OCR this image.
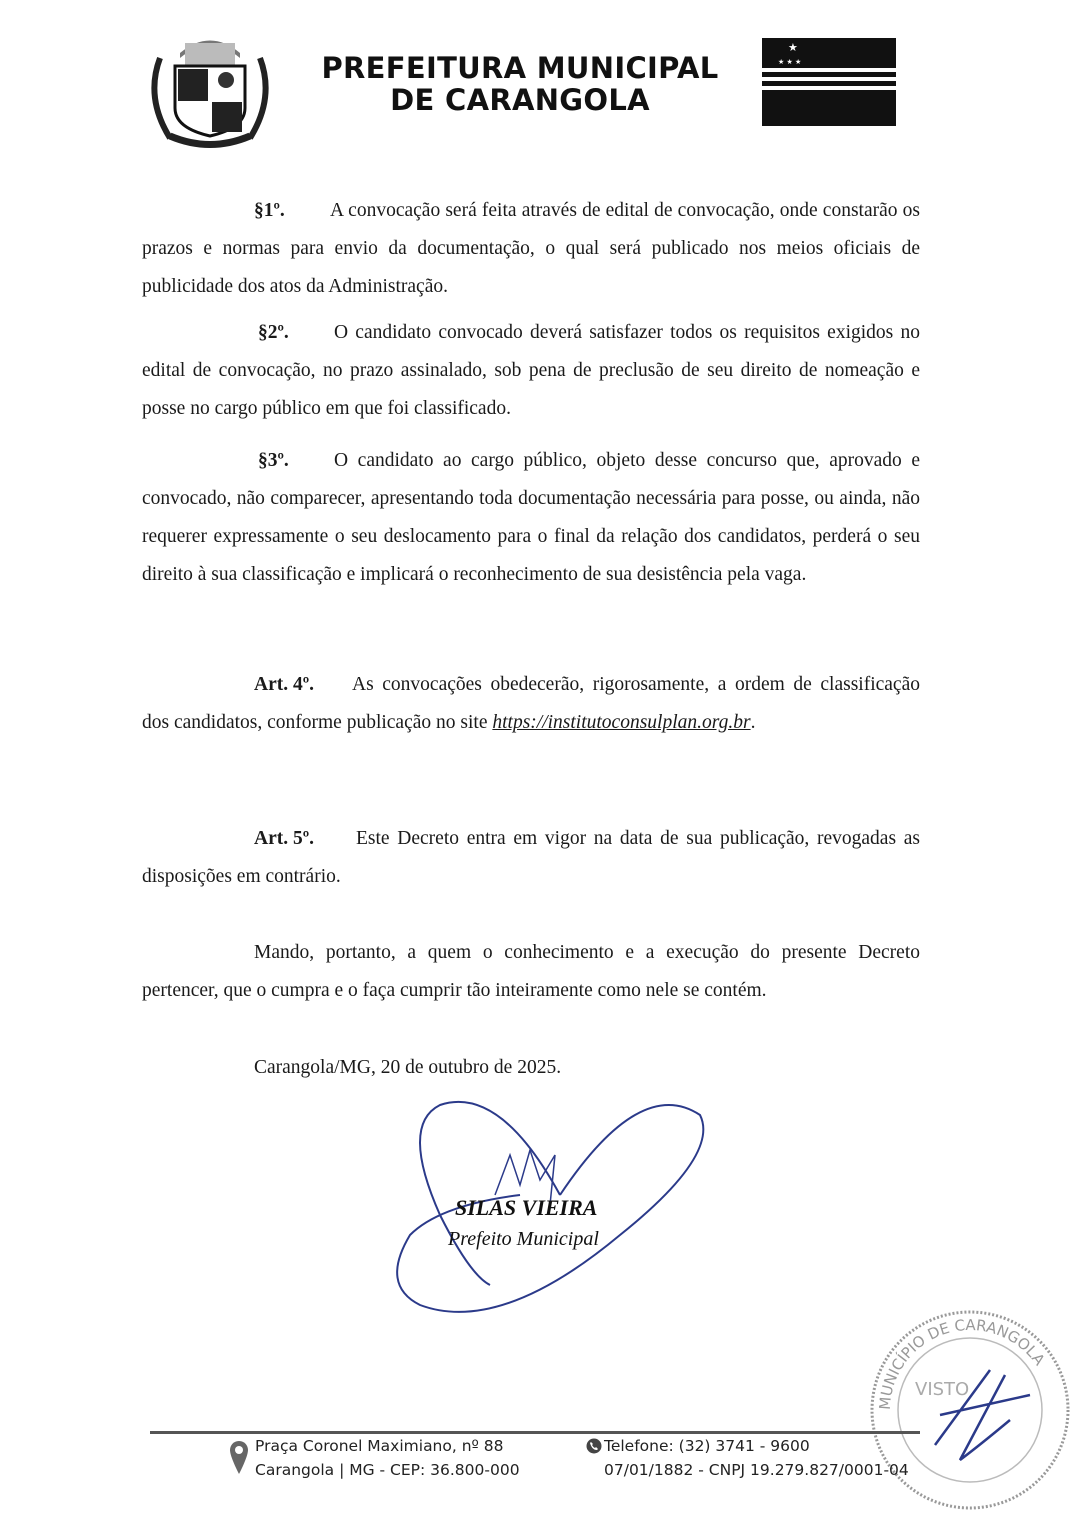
PREFEITURA MUNICIPAL
DE CARANGOLA
★
★ ★ ★
§1º. A convocação será feita através de edital de convocação, onde constarão os prazos e normas para envio da documentação, o qual será publicado nos meios oficiais de publicidade dos atos da Administração.
§2º. O candidato convocado deverá satisfazer todos os requisitos exigidos no edital de convocação, no prazo assinalado, sob pena de preclusão de seu direito de nomeação e posse no cargo público em que foi classificado.
§3º. O candidato ao cargo público, objeto desse concurso que, aprovado e convocado, não comparecer, apresentando toda documentação necessária para posse, ou ainda, não requerer expressamente o seu deslocamento para o final da relação dos candidatos, perderá o seu direito à sua classificação e implicará o reconhecimento de sua desistência pela vaga.
Art. 4º. As convocações obedecerão, rigorosamente, a ordem de classificação dos candidatos, conforme publicação no site https://institutoconsulplan.org.br.
Art. 5º. Este Decreto entra em vigor na data de sua publicação, revogadas as disposições em contrário.
Mando, portanto, a quem o conhecimento e a execução do presente Decreto pertencer, que o cumpra e o faça cumprir tão inteiramente como nele se contém.
Carangola/MG, 20 de outubro de 2025.
SILAS VIEIRA
Prefeito Municipal
MUNICÍPIO DE CARANGOLA
VISTO
Praça Coronel Maximiano, nº 88
Carangola | MG - CEP: 36.800-000
Telefone: (32) 3741 - 9600
07/01/1882 - CNPJ 19.279.827/0001-04
